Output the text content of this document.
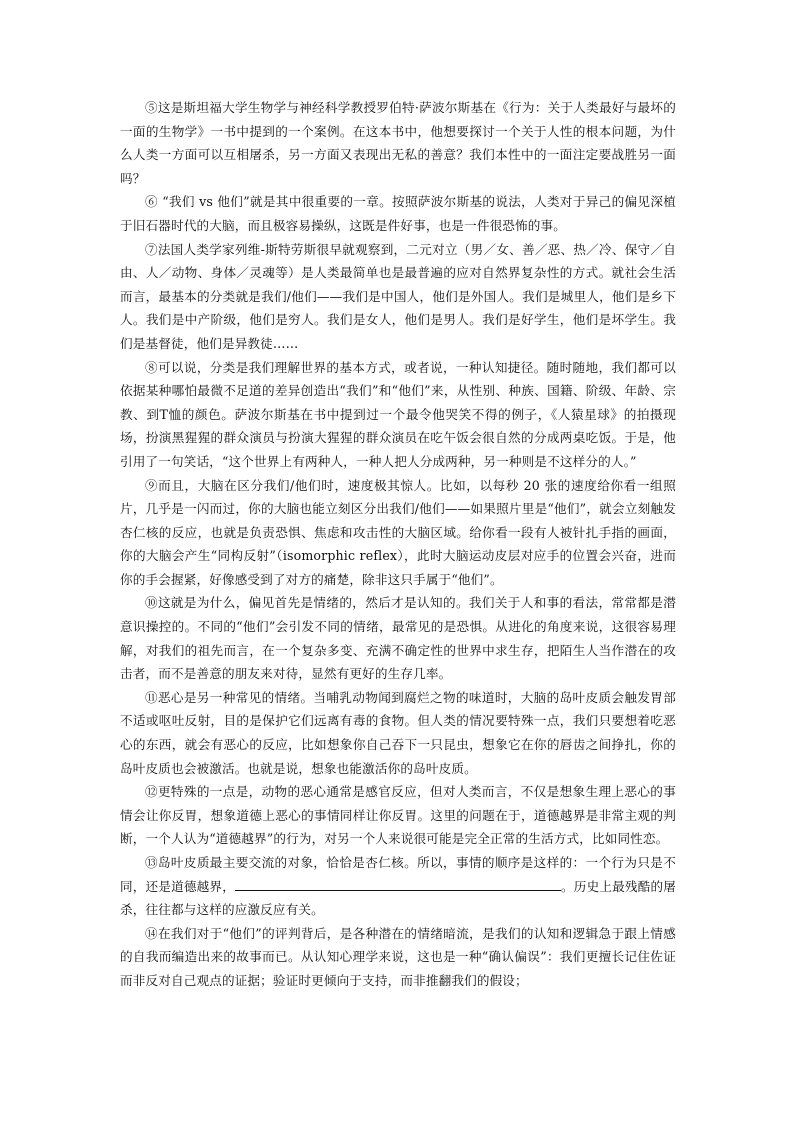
⑤这是斯坦福大学生物学与神经科学教授罗伯特·萨波尔斯基在《行为：关于人类最好与最坏的一面的生物学》一书中提到的一个案例。在这本书中，他想要探讨一个关于人性的根本问题，为什么人类一方面可以互相屠杀，另一方面又表现出无私的善意？我们本性中的一面注定要战胜另一面吗？

⑥ “我们 vs 他们”就是其中很重要的一章。按照萨波尔斯基的说法，人类对于异己的偏见深植于旧石器时代的大脑，而且极容易操纵，这既是件好事，也是一件很恐怖的事。

⑦法国人类学家列维-斯特劳斯很早就观察到，二元对立（男／女、善／恶、热／冷、保守／自由、人／动物、身体／灵魂等）是人类最简单也是最普遍的应对自然界复杂性的方式。就社会生活而言，最基本的分类就是我们/他们——我们是中国人，他们是外国人。我们是城里人，他们是乡下人。我们是中产阶级，他们是穷人。我们是女人，他们是男人。我们是好学生，他们是坏学生。我们是基督徒，他们是异教徒……

⑧可以说，分类是我们理解世界的基本方式，或者说，一种认知捷径。随时随地，我们都可以依据某种哪怕最微不足道的差异创造出“我们”和“他们”来，从性别、种族、国籍、阶级、年龄、宗教、到T恤的颜色。萨波尔斯基在书中提到过一个最令他哭笑不得的例子，《人猿星球》的拍摄现场，扮演黑猩猩的群众演员与扮演大猩猩的群众演员在吃午饭会很自然的分成两桌吃饭。于是，他引用了一句笑话，“这个世界上有两种人，一种人把人分成两种，另一种则是不这样分的人。”

⑨而且，大脑在区分我们/他们时，速度极其惊人。比如，以每秒 20 张的速度给你看一组照片，几乎是一闪而过，你的大脑也能立刻区分出我们/他们——如果照片里是“他们”，就会立刻触发杏仁核的反应，也就是负责恐惧、焦虑和攻击性的大脑区域。给你看一段有人被针扎手指的画面，你的大脑会产生“同构反射”（isomorphic reflex），此时大脑运动皮层对应手的位置会兴奋，进而你的手会握紧，好像感受到了对方的痛楚，除非这只手属于“他们”。

⑩这就是为什么，偏见首先是情绪的，然后才是认知的。我们关于人和事的看法，常常都是潜意识操控的。不同的“他们”会引发不同的情绪，最常见的是恐惧。从进化的角度来说，这很容易理解，对我们的祖先而言，在一个复杂多变、充满不确定性的世界中求生存，把陌生人当作潜在的攻击者，而不是善意的朋友来对待，显然有更好的生存几率。

⑪恶心是另一种常见的情绪。当哺乳动物闻到腐烂之物的味道时，大脑的岛叶皮质会触发胃部不适或呕吐反射，目的是保护它们远离有毒的食物。但人类的情况要特殊一点，我们只要想着吃恶心的东西，就会有恶心的反应，比如想象你自己吞下一只昆虫，想象它在你的唇齿之间挣扎，你的岛叶皮质也会被激活。也就是说，想象也能激活你的岛叶皮质。

⑫更特殊的一点是，动物的恶心通常是感官反应，但对人类而言，不仅是想象生理上恶心的事情会让你反胃，想象道德上恶心的事情同样让你反胃。这里的问题在于，道德越界是非常主观的判断，一个人认为“道德越界”的行为，对另一个人来说很可能是完全正常的生活方式，比如同性恋。

⑬岛叶皮质最主要交流的对象，恰恰是杏仁核。所以，事情的顺序是这样的：一个行为只是不同，还是道德越界，	。历史上最残酷的屠杀，往往都与这样的应激反应有关。

⑭在我们对于“他们”的评判背后，是各种潜在的情绪暗流，是我们的认知和逻辑急于跟上情感的自我而编造出来的故事而已。从认知心理学来说，这也是一种“确认偏误”：我们更擅长记住佐证而非反对自己观点的证据；验证时更倾向于支持，而非推翻我们的假设；
